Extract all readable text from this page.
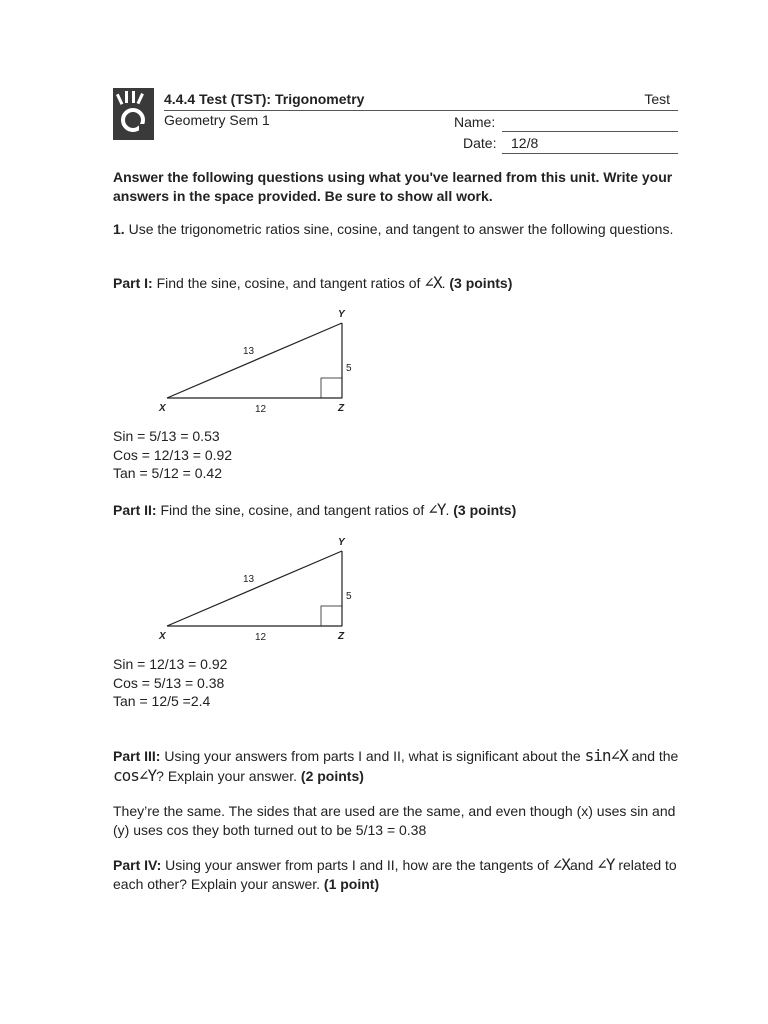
4.4.4 Test (TST): Trigonometry	Test
Geometry Sem 1	Name:
Date: 12/8
Answer the following questions using what you've learned from this unit. Write your answers in the space provided. Be sure to show all work.
1. Use the trigonometric ratios sine, cosine, and tangent to answer the following questions.
Part I: Find the sine, cosine, and tangent ratios of ∠X. (3 points)
13
5
12
X
Y
Z
Sin = 5/13 = 0.53
Cos = 12/13 = 0.92
Tan = 5/12 = 0.42
Part II: Find the sine, cosine, and tangent ratios of ∠Y. (3 points)
13
5
12
X
Y
Z
Sin = 12/13 = 0.92
Cos = 5/13 = 0.38
Tan = 12/5 =2.4
Part III: Using your answers from parts I and II, what is significant about the sin∠X and the cos∠Y? Explain your answer. (2 points)
They’re the same. The sides that are used are the same, and even though (x) uses sin and (y) uses cos they both turned out to be 5/13 = 0.38
Part IV: Using your answer from parts I and II, how are the tangents of ∠Xand ∠Y related to each other? Explain your answer. (1 point)
